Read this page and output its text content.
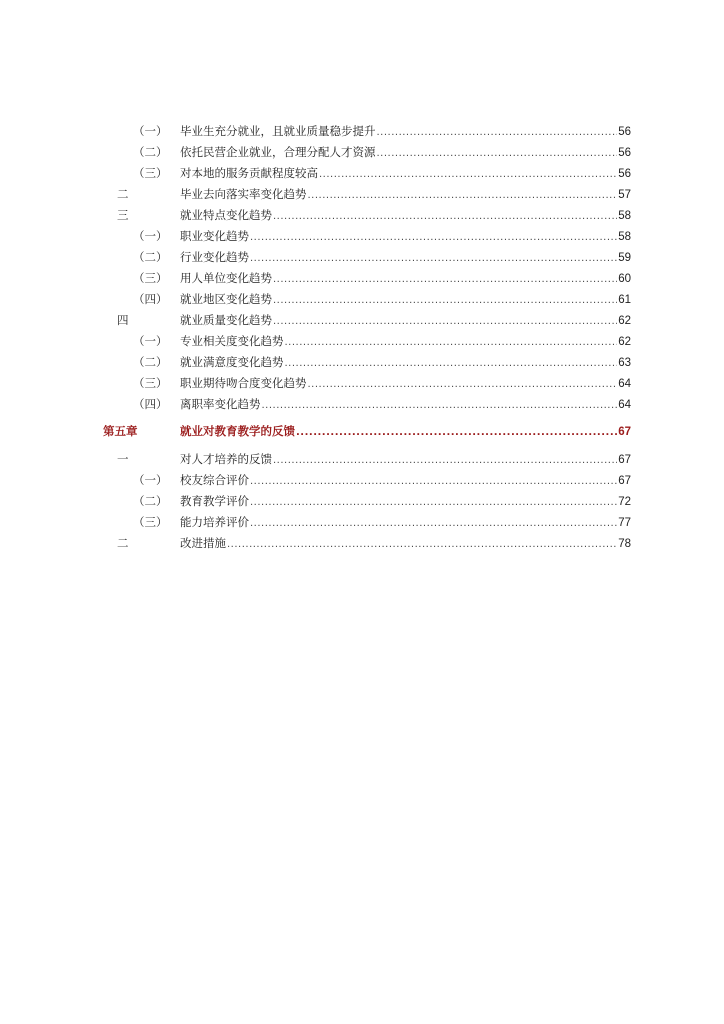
（一） 毕业生充分就业，且就业质量稳步提升 .....	56
（二） 依托民营企业就业，合理分配人才资源 .....	56
（三） 对本地的服务贡献程度较高 .....	56
二	毕业去向落实率变化趋势 .....	57
三	就业特点变化趋势 .....	58
（一） 职业变化趋势 .....	58
（二） 行业变化趋势 .....	59
（三） 用人单位变化趋势 .....	60
（四） 就业地区变化趋势 .....	61
四	就业质量变化趋势 .....	62
（一） 专业相关度变化趋势 .....	62
（二） 就业满意度变化趋势 .....	63
（三） 职业期待吻合度变化趋势 .....	64
（四） 离职率变化趋势 .....	64
第五章	就业对教育教学的反馈 .....	67
一	对人才培养的反馈 .....	67
（一） 校友综合评价 .....	67
（二） 教育教学评价 .....	72
（三） 能力培养评价 .....	77
二	改进措施 .....	78
